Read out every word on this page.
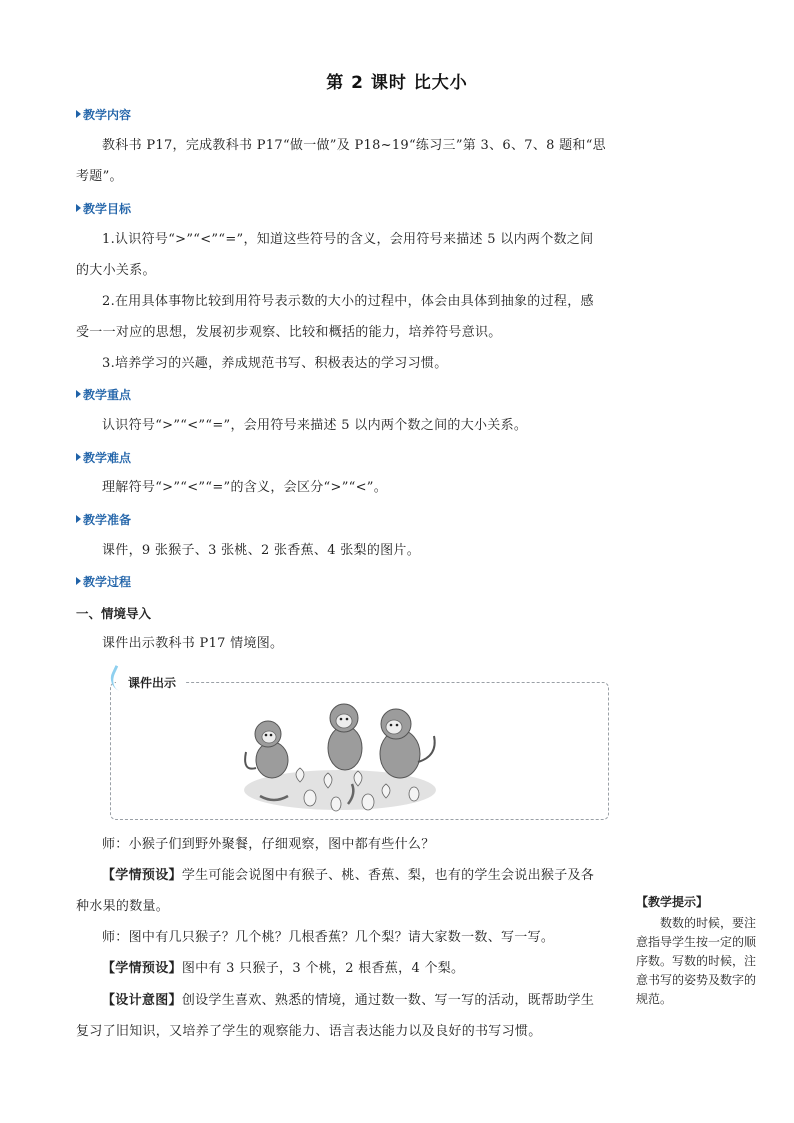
第 2 课时 比大小
教学内容
教科书 P17，完成教科书 P17“做一做”及 P18~19“练习三”第 3、6、7、8 题和“思考题”。
教学目标
1.认识符号“>”“<”“=”，知道这些符号的含义，会用符号来描述 5 以内两个数之间的大小关系。
2.在用具体事物比较到用符号表示数的大小的过程中，体会由具体到抽象的过程，感受一一对应的思想，发展初步观察、比较和概括的能力，培养符号意识。
3.培养学习的兴趣，养成规范书写、积极表达的学习习惯。
教学重点
认识符号“>”“<”“=”，会用符号来描述 5 以内两个数之间的大小关系。
教学难点
理解符号“>”“<”“=”的含义，会区分“>”“<”。
教学准备
课件，9 张猴子、3 张桃、2 张香蕉、4 张梨的图片。
教学过程
一、情境导入
课件出示教科书 P17 情境图。
课件出示
师：小猴子们到野外聚餐，仔细观察，图中都有些什么？
【学情预设】学生可能会说图中有猴子、桃、香蕉、梨，也有的学生会说出猴子及各种水果的数量。
师：图中有几只猴子？几个桃？几根香蕉？几个梨？请大家数一数、写一写。
【学情预设】图中有 3 只猴子，3 个桃，2 根香蕉，4 个梨。
【设计意图】创设学生喜欢、熟悉的情境，通过数一数、写一写的活动，既帮助学生复习了旧知识，又培养了学生的观察能力、语言表达能力以及良好的书写习惯。
【教学提示】
数数的时候，要注意指导学生按一定的顺序数。写数的时候，注意书写的姿势及数字的规范。
